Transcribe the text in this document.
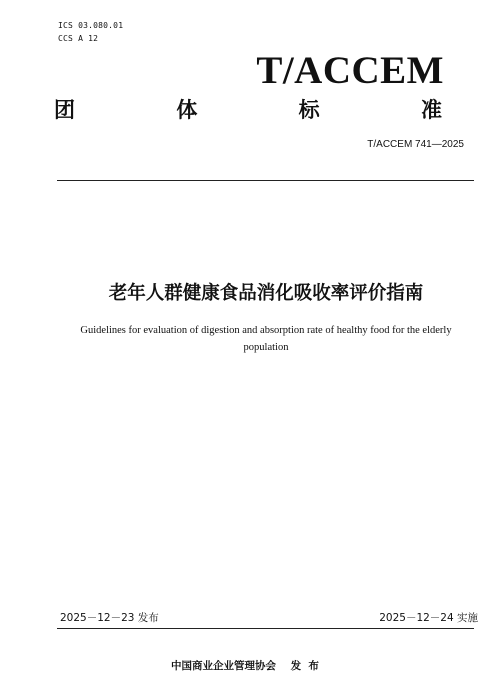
ICS 03.080.01
CCS A 12
T/ACCEM
团	体	标	准
T/ACCEM 741—2025
老年人群健康食品消化吸收率评价指南
Guidelines for evaluation of digestion and absorption rate of healthy food for the elderly population
2025－12－23 发布	2025－12－24 实施
中国商业企业管理协会    发  布
